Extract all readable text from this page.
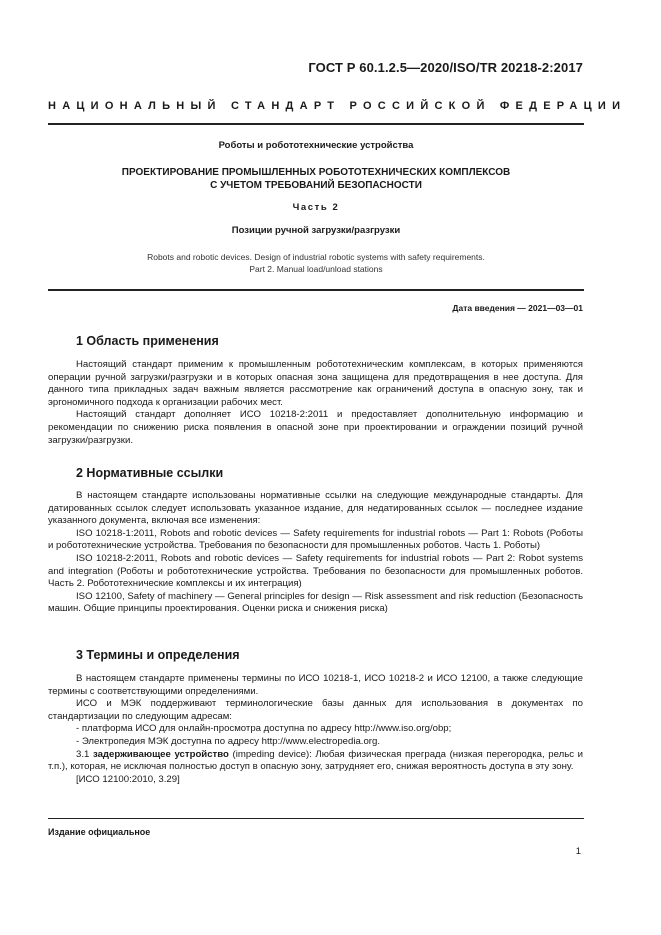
ГОСТ Р 60.1.2.5—2020/ISO/TR 20218-2:2017
НАЦИОНАЛЬНЫЙ СТАНДАРТ РОССИЙСКОЙ ФЕДЕРАЦИИ
Роботы и робототехнические устройства
ПРОЕКТИРОВАНИЕ ПРОМЫШЛЕННЫХ РОБОТОТЕХНИЧЕСКИХ КОМПЛЕКСОВ
С УЧЕТОМ ТРЕБОВАНИЙ БЕЗОПАСНОСТИ
Часть 2
Позиции ручной загрузки/разгрузки
Robots and robotic devices. Design of industrial robotic systems with safety requirements.
Part 2. Manual load/unload stations
Дата введения — 2021—03—01
1 Область применения

Настоящий стандарт применим к промышленным робототехническим комплексам, в которых применяются операции ручной загрузки/разгрузки и в которых опасная зона защищена для предотвращения в нее доступа. Для данного типа прикладных задач важным является рассмотрение как ограничений доступа в опасную зону, так и эргономичного подхода к организации рабочих мест.

Настоящий стандарт дополняет ИСО 10218-2:2011 и предоставляет дополнительную информацию и рекомендации по снижению риска появления в опасной зоне при проектировании и ограждении позиций ручной загрузки/разгрузки.

2 Нормативные ссылки

В настоящем стандарте использованы нормативные ссылки на следующие международные стандарты. Для датированных ссылок следует использовать указанное издание, для недатированных ссылок — последнее издание указанного документа, включая все изменения:

ISO 10218-1:2011, Robots and robotic devices — Safety requirements for industrial robots — Part 1: Robots (Роботы и робототехнические устройства. Требования по безопасности для промышленных роботов. Часть 1. Роботы)

ISO 10218-2:2011, Robots and robotic devices — Safety requirements for industrial robots — Part 2: Robot systems and integration (Роботы и робототехнические устройства. Требования по безопасности для промышленных роботов. Часть 2. Робототехнические комплексы и их интеграция)

ISO 12100, Safety of machinery — General principles for design — Risk assessment and risk reduction (Безопасность машин. Общие принципы проектирования. Оценки риска и снижения риска)

3 Термины и определения

В настоящем стандарте применены термины по ИСО 10218-1, ИСО 10218-2 и ИСО 12100, а также следующие термины с соответствующими определениями.

ИСО и МЭК поддерживают терминологические базы данных для использования в документах по стандартизации по следующим адресам:

- платформа ИСО для онлайн-просмотра доступна по адресу http://www.iso.org/obp;

- Электропедия МЭК доступна по адресу http://www.electropedia.org.

3.1 задерживающее устройство (impeding device): Любая физическая преграда (низкая перегородка, рельс и т.п.), которая, не исключая полностью доступ в опасную зону, затрудняет его, снижая вероятность доступа в эту зону.

[ИСО 12100:2010, 3.29]

Издание официальное
1
